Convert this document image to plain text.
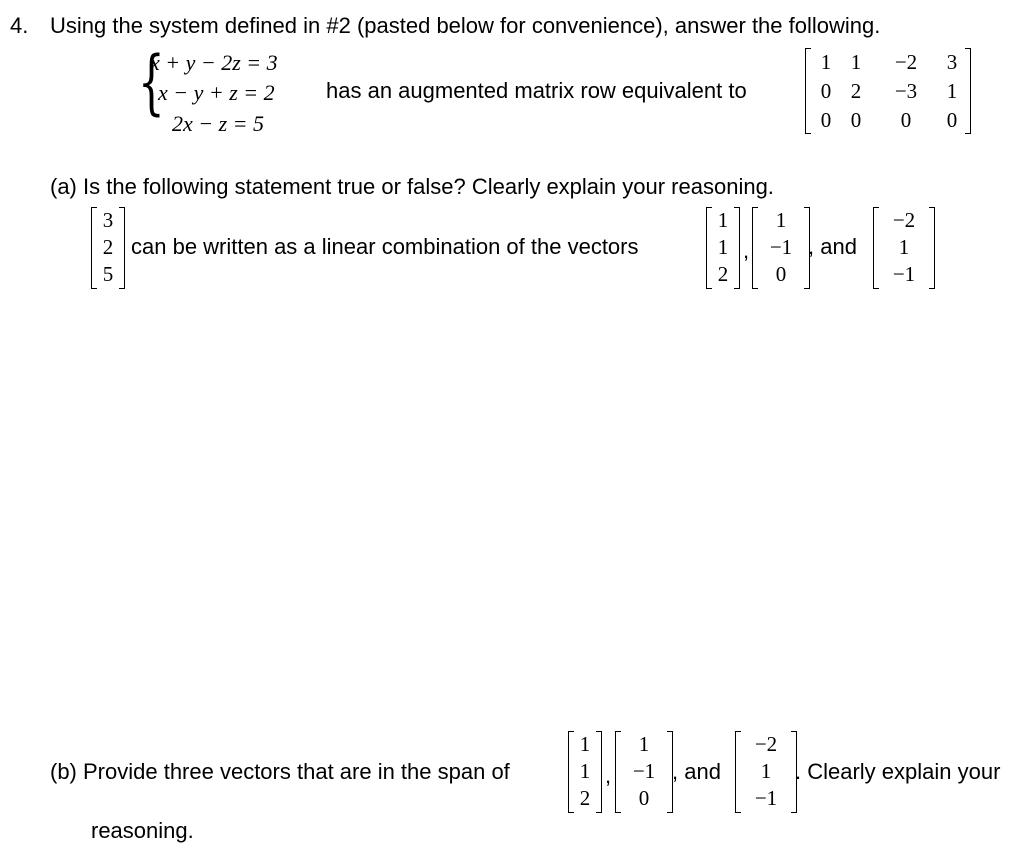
4. Using the system defined in #2 (pasted below for convenience), answer the following.
{
x + y − 2z = 3
x − y + z = 2
2x − z = 5
has an augmented matrix row equivalent to
1 1 −2 3
0 2 −3 1
0 0	0	0
(a) Is the following statement true or false? Clearly explain your reasoning.
3
2
5
can be written as a linear combination of the vectors
1
1
2
,
1
−1
0
, and
−2
1
−1
(b) Provide three vectors that are in the span of
1
1
2
,
1
−1
0
, and
−2
1
−1
. Clearly explain your
reasoning.
